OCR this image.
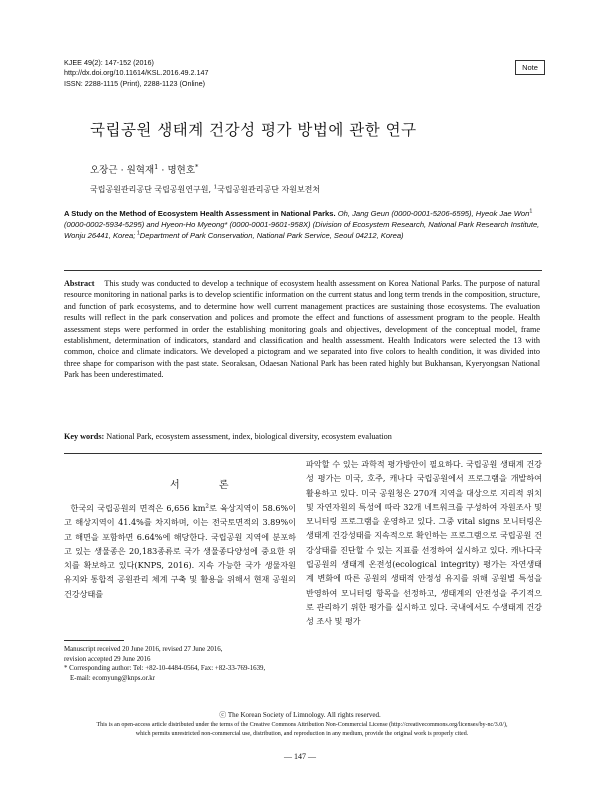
KJEE 49(2): 147-152 (2016)
http://dx.doi.org/10.11614/KSL.2016.49.2.147
ISSN: 2288-1115 (Print), 2288-1123 (Online)
Note
국립공원 생태계 건강성 평가 방법에 관한 연구
오장근 · 원혁재$^1$ · 명현호*
국립공원관리공단 국립공원연구원, $^1$국립공원관리공단 자원보전처
A Study on the Method of Ecosystem Health Assessment in National Parks. Oh, Jang Geun (0000-0001-5206-6595), Hyeok Jae Won$^1$ (0000-0002-5934-5295) and Hyeon-Ho Myeong* (0000-0001-9601-958X) (Division of Ecosystem Research, National Park Research Institute, Wonju 26441, Korea; $^1$Department of Park Conservation, National Park Service, Seoul 04212, Korea)
Abstract This study was conducted to develop a technique of ecosystem health assessment on Korea National Parks. The purpose of natural resource monitoring in national parks is to develop scientific information on the current status and long term trends in the composition, structure, and function of park ecosystems, and to determine how well current management practices are sustaining those ecosystems. The evaluation results will reflect in the park conservation and polices and promote the effect and functions of assessment program to the people. Health assessment steps were performed in order the establishing monitoring goals and objectives, development of the conceptual model, frame establishment, determination of indicators, standard and classification and health assessment. Health Indicators were selected the 13 with common, choice and climate indicators. We developed a pictogram and we separated into five colors to health condition, it was divided into three shape for comparison with the past state. Seoraksan, Odaesan National Park has been rated highly but Bukhansan, Kyeryongsan National Park has been underestimated.
Key words: National Park, ecosystem assessment, index, biological diversity, ecosystem evaluation
서 론
한국의 국립공원의 면적은 6,656 $km^2$로 육상지역이 58.6%이고 해상지역이 41.4%를 차지하며, 이는 전국토면적의 3.89%이고 해면을 포함하면 6.64%에 해당한다. 국립공원 지역에 분포하고 있는 생물종은 20,183종류로 국가 생물종다양성에 중요한 위치를 확보하고 있다(KNPS, 2016). 지속 가능한 국가 생물자원 유지와 통합적 공원관리 체계 구축 및 활용을 위해서 현재 공원의 건강상태를
파악할 수 있는 과학적 평가방안이 필요하다. 국립공원 생태계 건강성 평가는 미국, 호주, 캐나다 국립공원에서 프로그램을 개발하여 활용하고 있다. 미국 공원청은 270개 지역을 대상으로 지리적 위치 및 자연자원의 특성에 따라 32개 네트워크를 구성하여 자원조사 및 모니터링 프로그램을 운영하고 있다. 그중 vital signs 모니터링은 생태계 건강성태를 지속적으로 확인하는 프로그램으로 국립공원 건강상태를 진단할 수 있는 지표를 선정하여 실시하고 있다. 캐나다국립공원의 생태계 온전성(ecological integrity) 평가는 자연생태계 변화에 따른 공원의 생태적 안정성 유지를 위해 공원별 특성을 반영하여 모니터링 항목을 선정하고, 생태계의 안전성을 주기적으로 관리하기 위한 평가를 실시하고 있다. 국내에서도 수생태계 건강성 조사 및 평가
Manuscript received 20 June 2016, revised 27 June 2016,
revision accepted 29 June 2016
* Corresponding author: Tel: +82-10-4484-0564, Fax: +82-33-769-1639,
E-mail: ecomyung@knps.or.kr
ⓒ The Korean Society of Limnology. All rights reserved.
This is an open-access article distributed under the terms of the Creative Commons Attribution Non-Commercial License (http://creativecommons.org/licenses/by-nc/3.0/),
which permits unrestricted non-commercial use, distribution, and reproduction in any medium, provide the original work is properly cited.
— 147 —
